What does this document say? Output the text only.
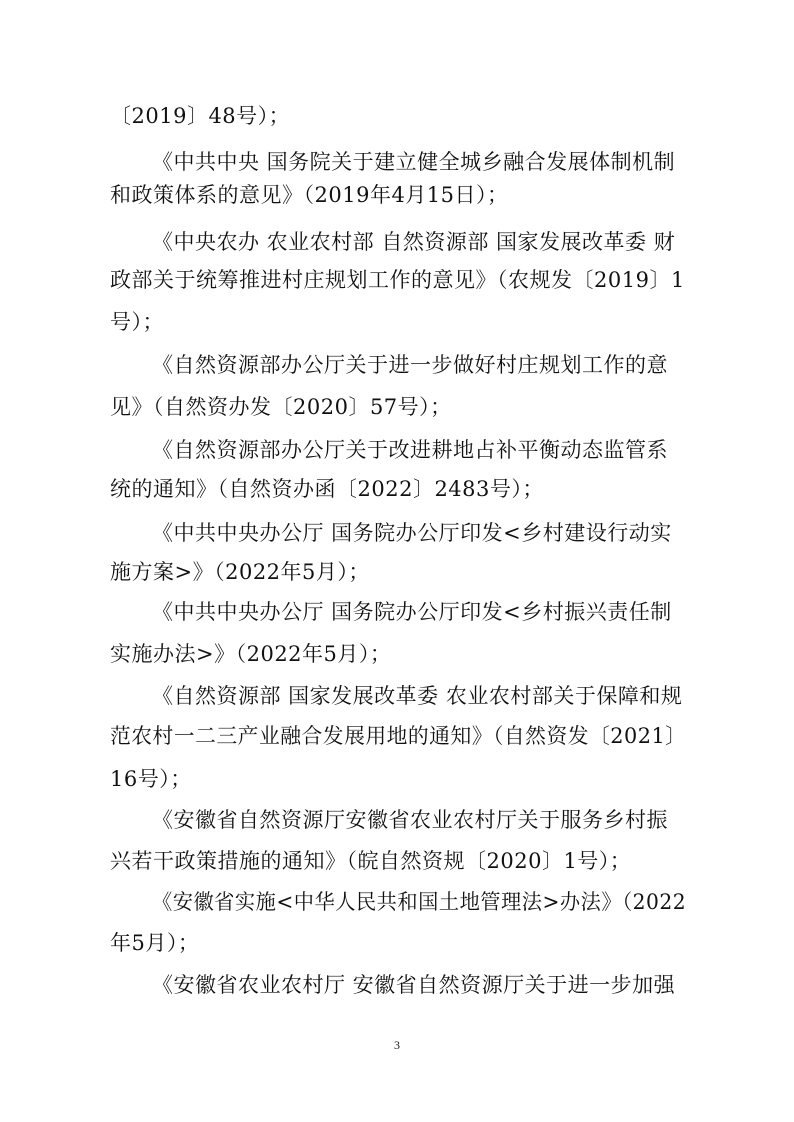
〔2019〕48号）；
《中共中央 国务院关于建立健全城乡融合发展体制机制
和政策体系的意见》（2019年4月15日）；
《中央农办 农业农村部 自然资源部 国家发展改革委 财
政部关于统筹推进村庄规划工作的意见》（农规发〔2019〕1
号）；
《自然资源部办公厅关于进一步做好村庄规划工作的意
见》（自然资办发〔2020〕57号）；
《自然资源部办公厅关于改进耕地占补平衡动态监管系
统的通知》（自然资办函〔2022〕2483号）；
《中共中央办公厅 国务院办公厅印发<乡村建设行动实
施方案>》（2022年5月）；
《中共中央办公厅 国务院办公厅印发<乡村振兴责任制
实施办法>》（2022年5月）；
《自然资源部 国家发展改革委 农业农村部关于保障和规
范农村一二三产业融合发展用地的通知》（自然资发〔2021〕
16号）；
《安徽省自然资源厅安徽省农业农村厅关于服务乡村振
兴若干政策措施的通知》（皖自然资规〔2020〕1号）；
《安徽省实施<中华人民共和国土地管理法>办法》（2022
年5月）；
《安徽省农业农村厅 安徽省自然资源厅关于进一步加强
3
